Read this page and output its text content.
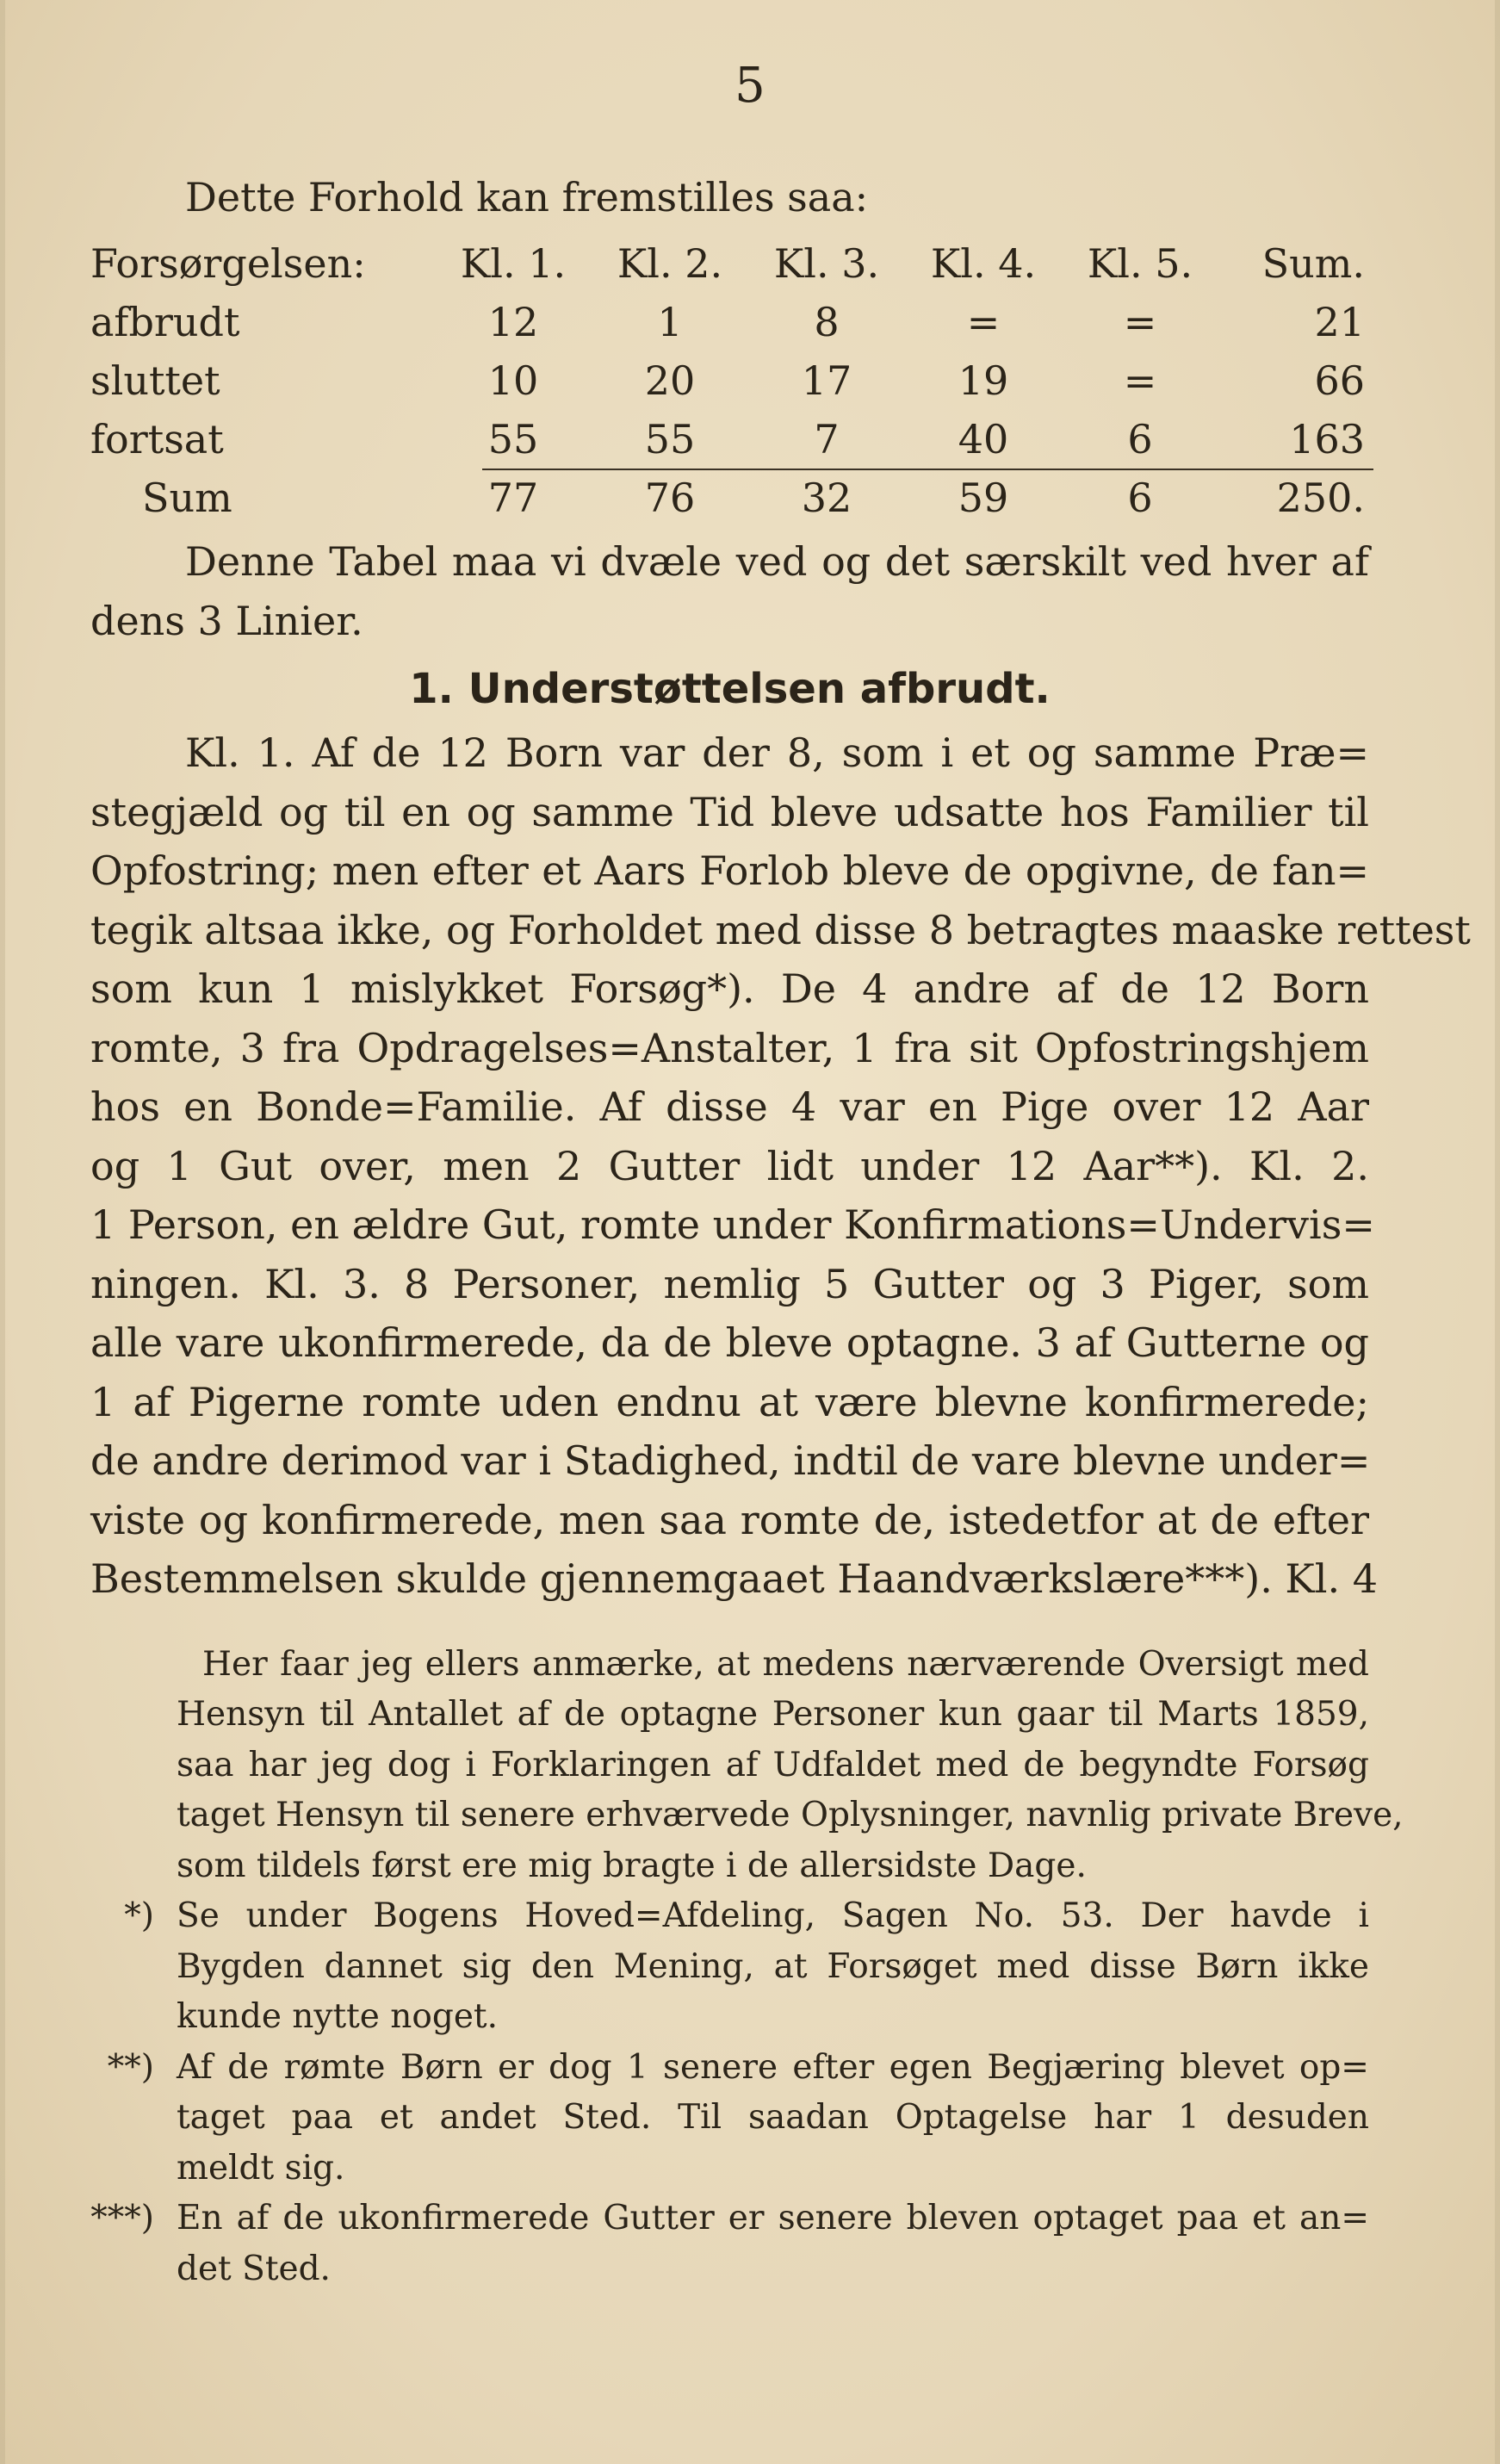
5

Dette Forhold kan fremstilles saa:

Forsørgelsen:	Kl. 1.	Kl. 2.	Kl. 3.	Kl. 4.	Kl. 5.	Sum.
afbrudt	12	1	8	=	=	21
sluttet	10	20	17	19	=	66
fortsat	55	55	7	40	6	163
Sum	77	76	32	59	6	250.

Denne Tabel maa vi dvæle ved og det særskilt ved hver af
dens 3 Linier.

1. Understøttelsen afbrudt.

Kl. 1. Af de 12 Born var der 8, som i et og samme Præ=
stegjæld og til en og samme Tid bleve udsatte hos Familier til
Opfostring; men efter et Aars Forlob bleve de opgivne, de fan=
tegik altsaa ikke, og Forholdet med disse 8 betragtes maaske rettest
som kun 1 mislykket Forsøg*). De 4 andre af de 12 Born
romte, 3 fra Opdragelses=Anstalter, 1 fra sit Opfostringshjem
hos en Bonde=Familie. Af disse 4 var en Pige over 12 Aar
og 1 Gut over, men 2 Gutter lidt under 12 Aar**). Kl. 2.
1 Person, en ældre Gut, romte under Konfirmations=Undervis=
ningen. Kl. 3. 8 Personer, nemlig 5 Gutter og 3 Piger, som
alle vare ukonfirmerede, da de bleve optagne. 3 af Gutterne og
1 af Pigerne romte uden endnu at være blevne konfirmerede;
de andre derimod var i Stadighed, indtil de vare blevne under=
viste og konfirmerede, men saa romte de, istedetfor at de efter
Bestemmelsen skulde gjennemgaaet Haandværkslære***). Kl. 4

Her faar jeg ellers anmærke, at medens nærværende Oversigt med
Hensyn til Antallet af de optagne Personer kun gaar til Marts 1859,
saa har jeg dog i Forklaringen af Udfaldet med de begyndte Forsøg
taget Hensyn til senere erhværvede Oplysninger, navnlig private Breve,
som tildels først ere mig bragte i de allersidste Dage.
*) Se under Bogens Hoved=Afdeling, Sagen No. 53. Der havde i
Bygden dannet sig den Mening, at Forsøget med disse Børn ikke
kunde nytte noget.
**) Af de rømte Børn er dog 1 senere efter egen Begjæring blevet op=
taget paa et andet Sted. Til saadan Optagelse har 1 desuden
meldt sig.
***) En af de ukonfirmerede Gutter er senere bleven optaget paa et an=
det Sted.
